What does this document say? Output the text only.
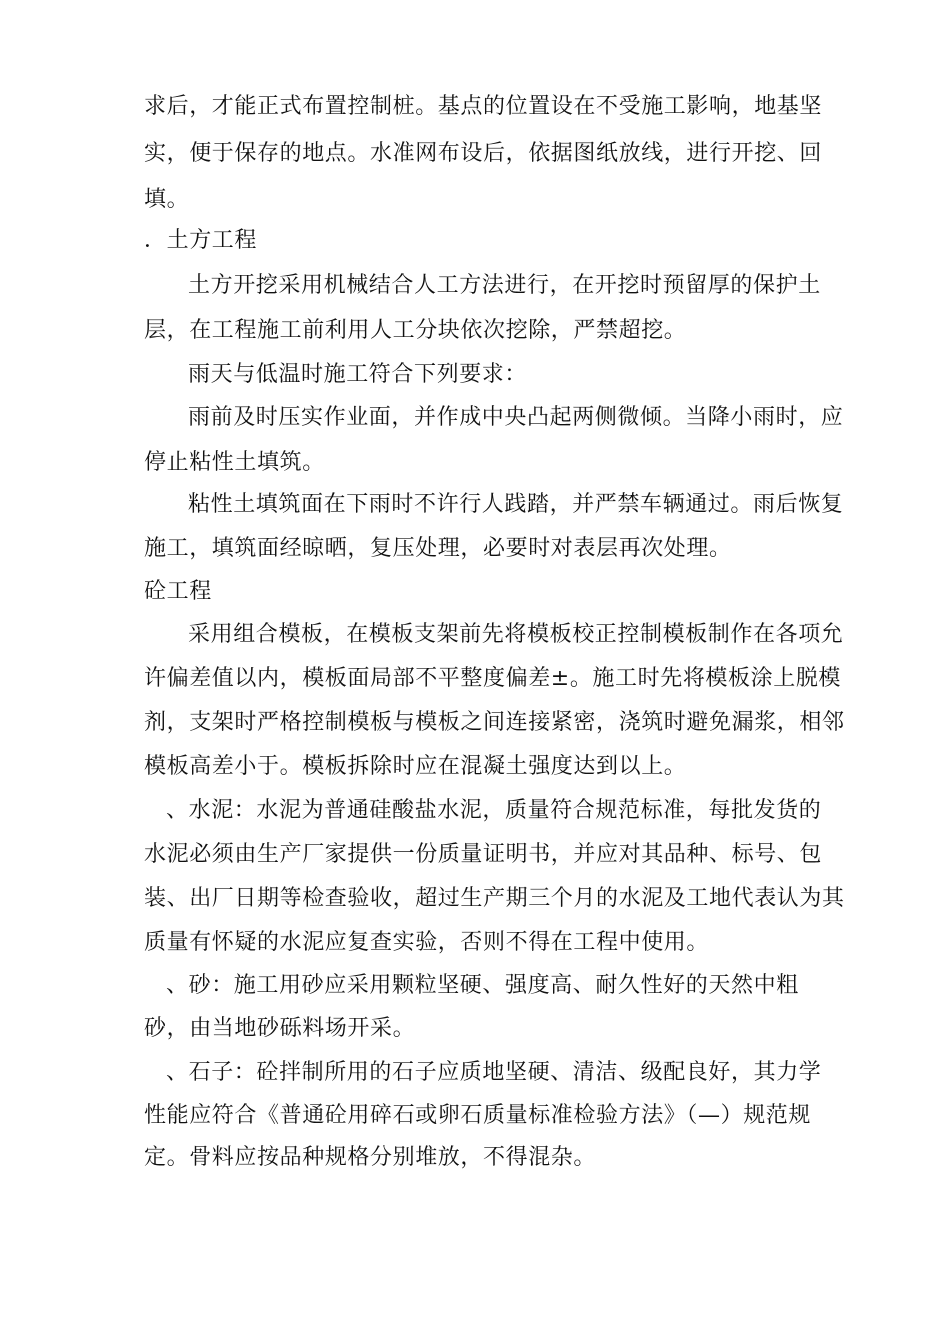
求后，才能正式布置控制桩。基点的位置设在不受施工影响，地基坚
实，便于保存的地点。水准网布设后，依据图纸放线，进行开挖、回
填。
．土方工程
土方开挖采用机械结合人工方法进行，在开挖时预留厚的保护土
层，在工程施工前利用人工分块依次挖除，严禁超挖。
雨天与低温时施工符合下列要求：
雨前及时压实作业面，并作成中央凸起两侧微倾。当降小雨时，应
停止粘性土填筑。
粘性土填筑面在下雨时不许行人践踏，并严禁车辆通过。雨后恢复
施工，填筑面经晾晒，复压处理，必要时对表层再次处理。
砼工程
采用组合模板，在模板支架前先将模板校正控制模板制作在各项允
许偏差值以内，模板面局部不平整度偏差±。施工时先将模板涂上脱模
剂，支架时严格控制模板与模板之间连接紧密，浇筑时避免漏浆，相邻
模板高差小于。模板拆除时应在混凝土强度达到以上。
、水泥：水泥为普通硅酸盐水泥，质量符合规范标准，每批发货的
水泥必须由生产厂家提供一份质量证明书，并应对其品种、标号、包
装、出厂日期等检查验收，超过生产期三个月的水泥及工地代表认为其
质量有怀疑的水泥应复查实验，否则不得在工程中使用。
、砂：施工用砂应采用颗粒坚硬、强度高、耐久性好的天然中粗
砂，由当地砂砾料场开采。
、石子：砼拌制所用的石子应质地坚硬、清洁、级配良好，其力学
性能应符合《普通砼用碎石或卵石质量标准检验方法》（—）规范规
定。骨料应按品种规格分别堆放，不得混杂。
